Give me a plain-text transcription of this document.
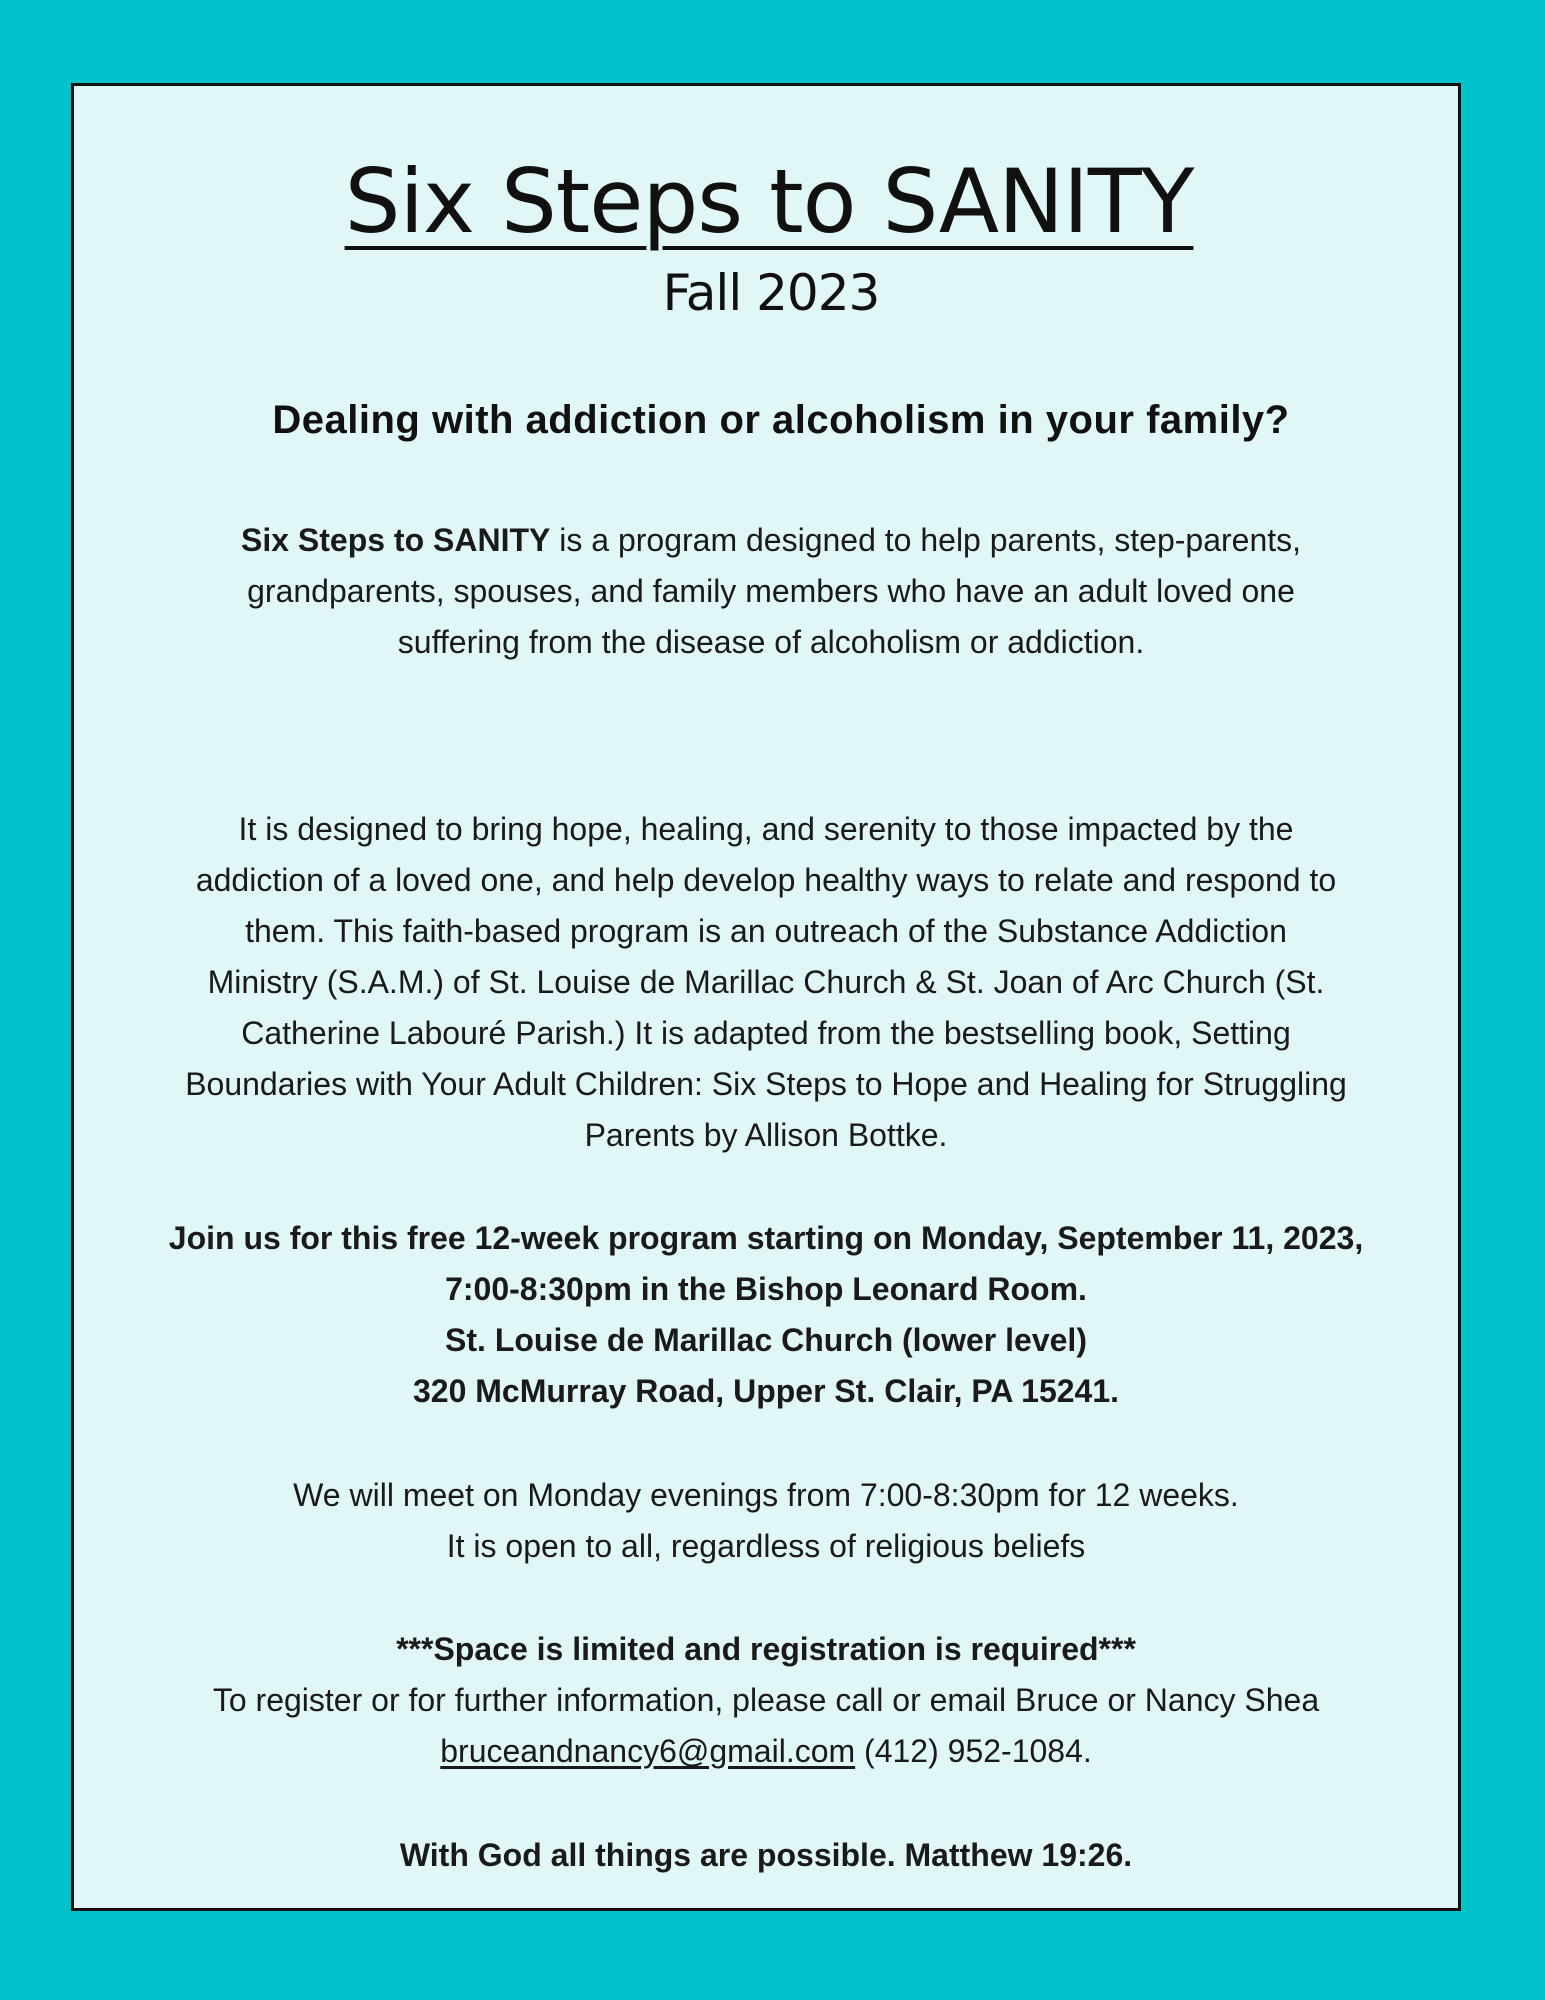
Six Steps to SANITY
Fall 2023
Dealing with addiction or alcoholism in your family?

Six Steps to SANITY is a program designed to help parents, step-parents,
grandparents, spouses, and family members who have an adult loved one
suffering from the disease of alcoholism or addiction.

It is designed to bring hope, healing, and serenity to those impacted by the
addiction of a loved one, and help develop healthy ways to relate and respond to
them. This faith-based program is an outreach of the Substance Addiction
Ministry (S.A.M.) of St. Louise de Marillac Church & St. Joan of Arc Church (St.
Catherine Labouré Parish.) It is adapted from the bestselling book, Setting
Boundaries with Your Adult Children: Six Steps to Hope and Healing for Struggling
Parents by Allison Bottke.

Join us for this free 12-week program starting on Monday, September 11, 2023,
7:00-8:30pm in the Bishop Leonard Room.
St. Louise de Marillac Church (lower level)
320 McMurray Road, Upper St. Clair, PA 15241.

We will meet on Monday evenings from 7:00-8:30pm for 12 weeks.
It is open to all, regardless of religious beliefs

***Space is limited and registration is required***
To register or for further information, please call or email Bruce or Nancy Shea
bruceandnancy6@gmail.com (412) 952-1084.

With God all things are possible. Matthew 19:26.
